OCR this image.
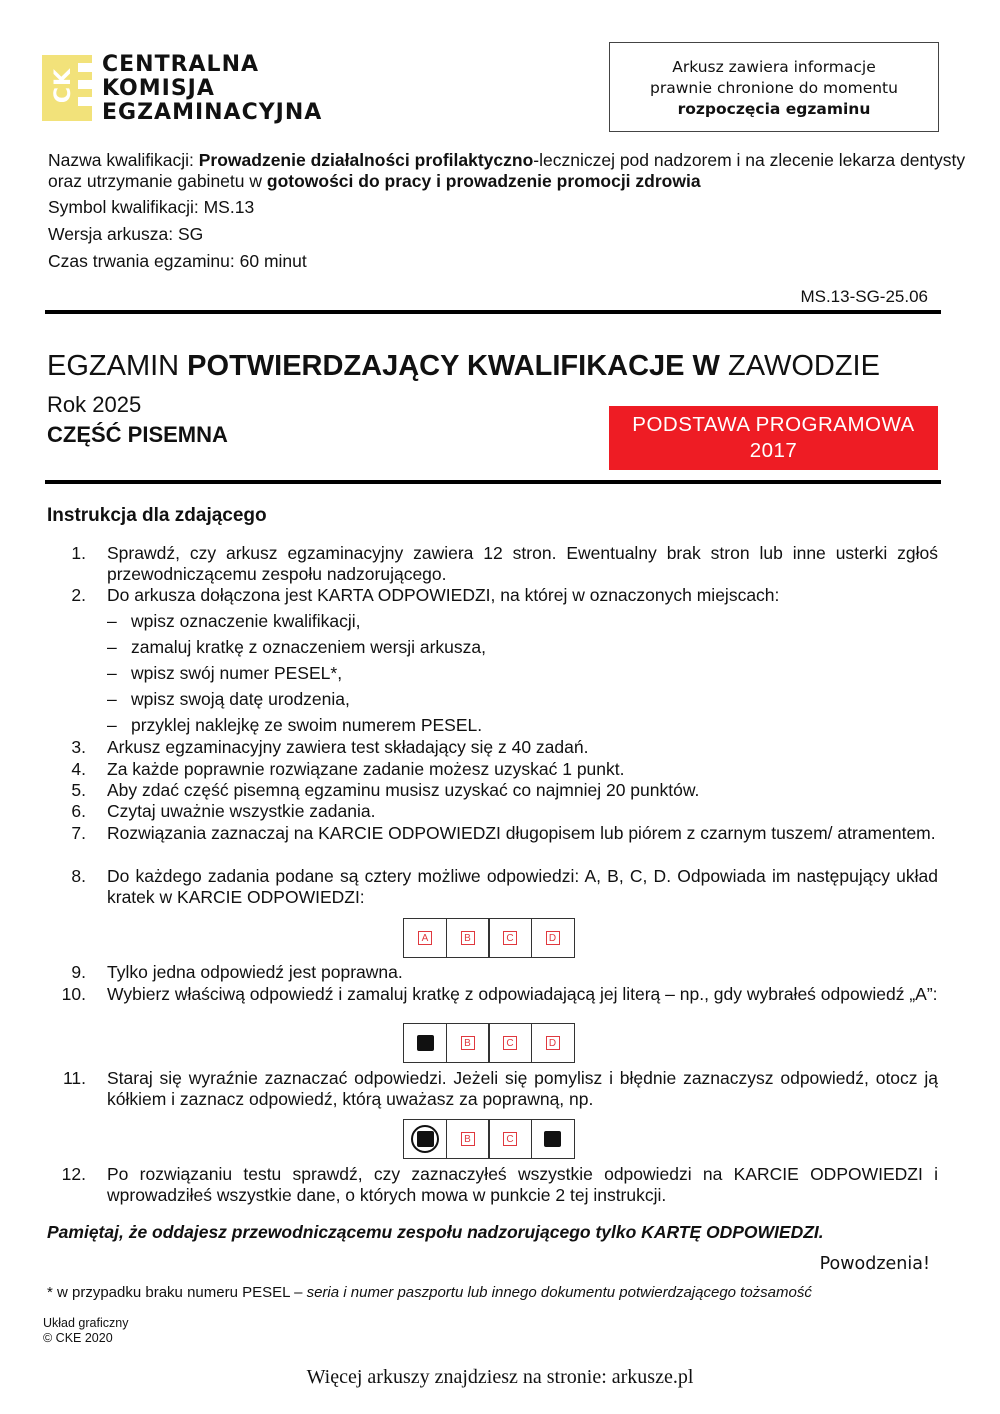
CK
CENTRALNA
KOMISJA
EGZAMINACYJNA
Arkusz zawiera informacje
prawnie chronione do momentu
rozpoczęcia egzaminu
Nazwa kwalifikacji: Prowadzenie działalności profilaktyczno-leczniczej pod nadzorem i na zlecenie lekarza dentysty oraz utrzymanie gabinetu w gotowości do pracy i prowadzenie promocji zdrowia
Symbol kwalifikacji: MS.13
Wersja arkusza: SG
Czas trwania egzaminu: 60 minut
MS.13-SG-25.06
EGZAMIN POTWIERDZAJĄCY KWALIFIKACJE W ZAWODZIE
Rok 2025
CZĘŚĆ PISEMNA	PODSTAWA PROGRAMOWA
2017
Instrukcja dla zdającego
1. Sprawdź, czy arkusz egzaminacyjny zawiera 12 stron. Ewentualny brak stron lub inne usterki zgłoś przewodniczącemu zespołu nadzorującego.
2. Do arkusza dołączona jest KARTA ODPOWIEDZI, na której w oznaczonych miejscach:
– wpisz oznaczenie kwalifikacji,
– zamaluj kratkę z oznaczeniem wersji arkusza,
– wpisz swój numer PESEL*,
– wpisz swoją datę urodzenia,
– przyklej naklejkę ze swoim numerem PESEL.
3. Arkusz egzaminacyjny zawiera test składający się z 40 zadań.
4. Za każde poprawnie rozwiązane zadanie możesz uzyskać 1 punkt.
5. Aby zdać część pisemną egzaminu musisz uzyskać co najmniej 20 punktów.
6. Czytaj uważnie wszystkie zadania.
7. Rozwiązania zaznaczaj na KARCIE ODPOWIEDZI długopisem lub piórem z czarnym tuszem/ atramentem.
8. Do każdego zadania podane są cztery możliwe odpowiedzi: A, B, C, D. Odpowiada im następujący układ kratek w KARCIE ODPOWIEDZI:
A	B	C	D
9. Tylko jedna odpowiedź jest poprawna.
10. Wybierz właściwą odpowiedź i zamaluj kratkę z odpowiadającą jej literą – np., gdy wybrałeś odpowiedź „A”:
B	C	D
11. Staraj się wyraźnie zaznaczać odpowiedzi. Jeżeli się pomylisz i błędnie zaznaczysz odpowiedź, otocz ją kółkiem i zaznacz odpowiedź, którą uważasz za poprawną, np.
B	C
12. Po rozwiązaniu testu sprawdź, czy zaznaczyłeś wszystkie odpowiedzi na KARCIE ODPOWIEDZI i wprowadziłeś wszystkie dane, o których mowa w punkcie 2 tej instrukcji.
Pamiętaj, że oddajesz przewodniczącemu zespołu nadzorującego tylko KARTĘ ODPOWIEDZI.
Powodzenia!
* w przypadku braku numeru PESEL – seria i numer paszportu lub innego dokumentu potwierdzającego tożsamość
Układ graficzny
© CKE 2020
Więcej arkuszy znajdziesz na stronie: arkusze.pl
